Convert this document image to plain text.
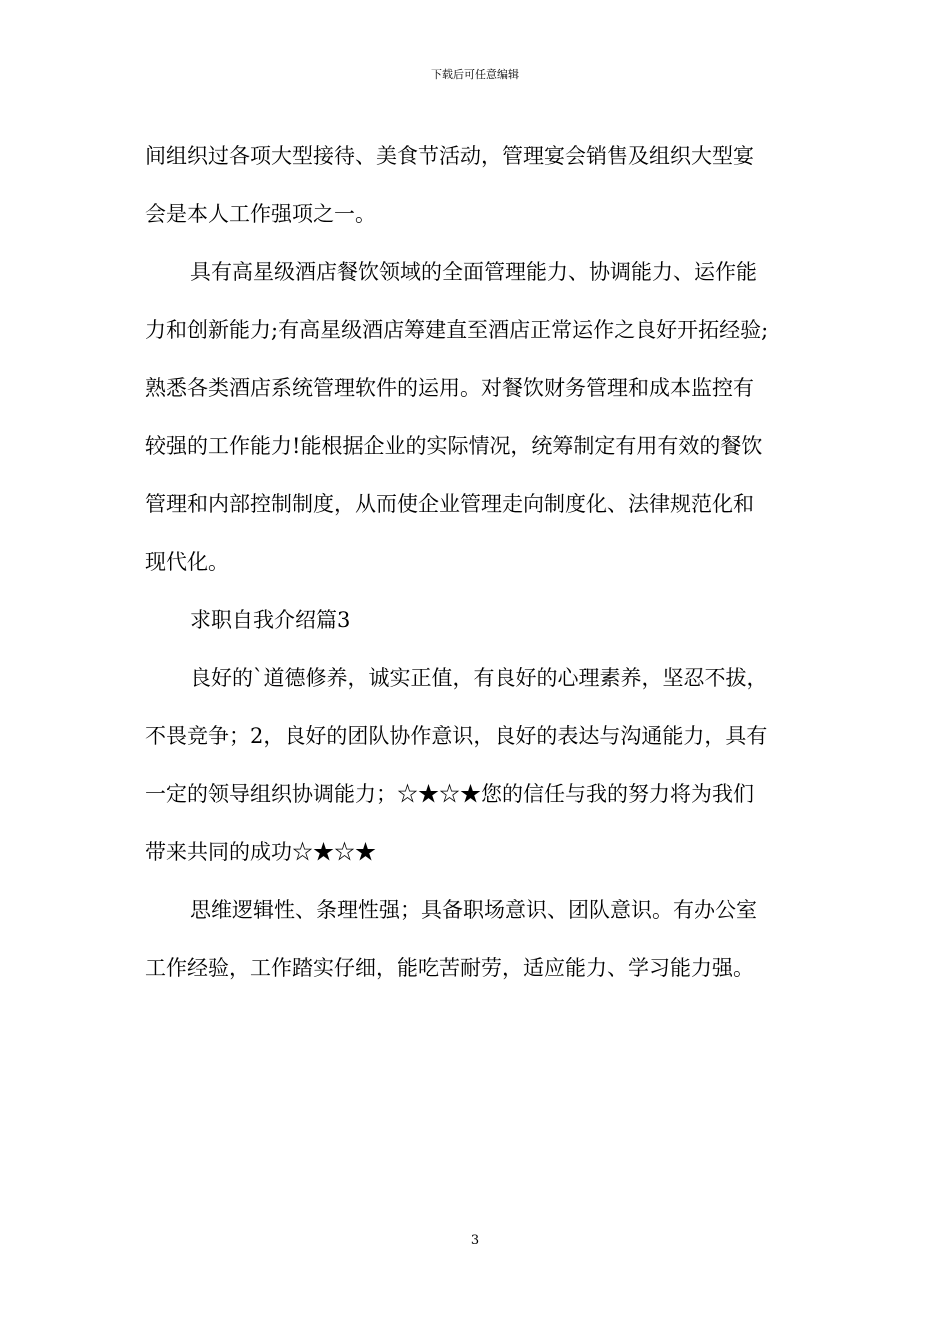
下载后可任意编辑
间组织过各项大型接待、美食节活动，管理宴会销售及组织大型宴
会是本人工作强项之一。
具有高星级酒店餐饮领域的全面管理能力、协调能力、运作能
力和创新能力;有高星级酒店筹建直至酒店正常运作之良好开拓经验;
熟悉各类酒店系统管理软件的运用。对餐饮财务管理和成本监控有
较强的工作能力!能根据企业的实际情况，统筹制定有用有效的餐饮
管理和内部控制制度，从而使企业管理走向制度化、法律规范化和
现代化。
求职自我介绍篇3
良好的`道德修养，诚实正值，有良好的心理素养，坚忍不拔，
不畏竞争；2，良好的团队协作意识，良好的表达与沟通能力，具有
一定的领导组织协调能力；☆★☆★您的信任与我的努力将为我们
带来共同的成功☆★☆★
思维逻辑性、条理性强；具备职场意识、团队意识。有办公室
工作经验，工作踏实仔细，能吃苦耐劳，适应能力、学习能力强。
3
